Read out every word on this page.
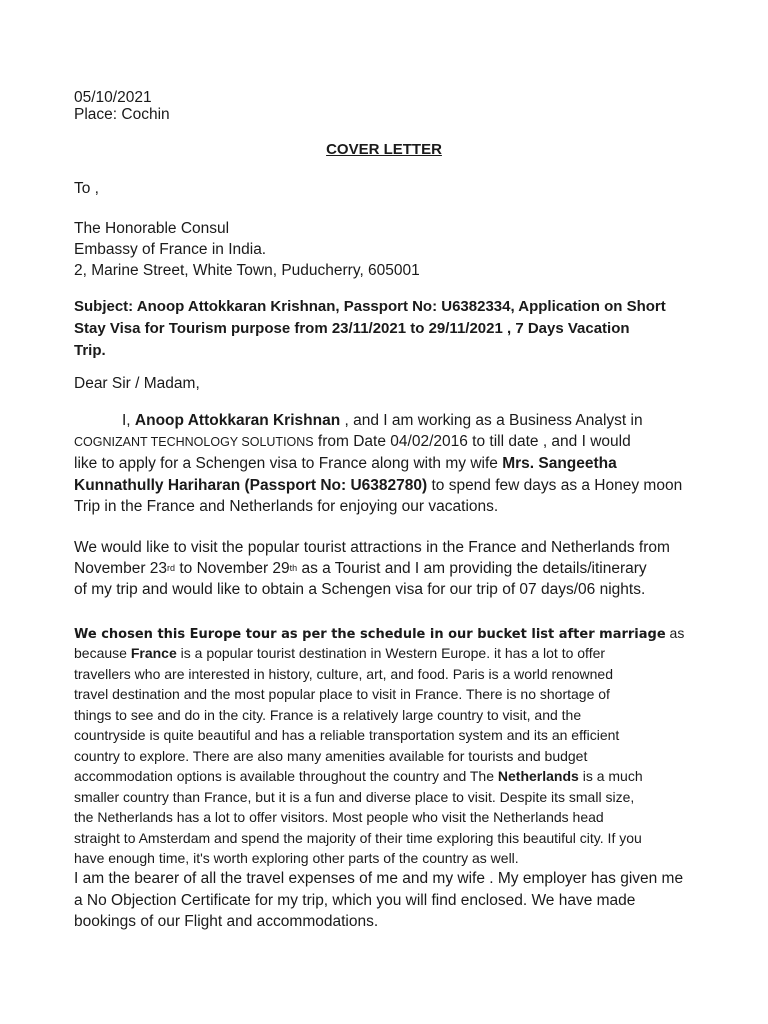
05/10/2021
Place: Cochin
COVER LETTER
To ,
The Honorable Consul
Embassy of France in India.
2, Marine Street, White Town, Puducherry, 605001
Subject: Anoop Attokkaran Krishnan, Passport No: U6382334, Application on Short
Stay Visa for Tourism purpose from 23/11/2021 to 29/11/2021 , 7 Days Vacation
Trip.
Dear Sir / Madam,
I, Anoop Attokkaran Krishnan , and I am working as a Business Analyst in
COGNIZANT TECHNOLOGY SOLUTIONS from Date 04/02/2016 to till date , and I would
like to apply for a Schengen visa to France along with my wife Mrs. Sangeetha
Kunnathully Hariharan (Passport No: U6382780) to spend few days as a Honey moon
Trip in the France and Netherlands for enjoying our vacations.
We would like to visit the popular tourist attractions in the France and Netherlands from
November 23rd to November 29th as a Tourist and I am providing the details/itinerary
of my trip and would like to obtain a Schengen visa for our trip of 07 days/06 nights.
We chosen this Europe tour as per the schedule in our bucket list after marriage as
because France is a popular tourist destination in Western Europe. it has a lot to offer
travellers who are interested in history, culture, art, and food. Paris is a world renowned
travel destination and the most popular place to visit in France. There is no shortage of
things to see and do in the city. France is a relatively large country to visit, and the
countryside is quite beautiful and has a reliable transportation system and its an efficient
country to explore. There are also many amenities available for tourists and budget
accommodation options is available throughout the country and The Netherlands is a much
smaller country than France, but it is a fun and diverse place to visit. Despite its small size,
the Netherlands has a lot to offer visitors. Most people who visit the Netherlands head
straight to Amsterdam and spend the majority of their time exploring this beautiful city. If you
have enough time, it's worth exploring other parts of the country as well.
I am the bearer of all the travel expenses of me and my wife . My employer has given me
a No Objection Certificate for my trip, which you will find enclosed. We have made
bookings of our Flight and accommodations.
